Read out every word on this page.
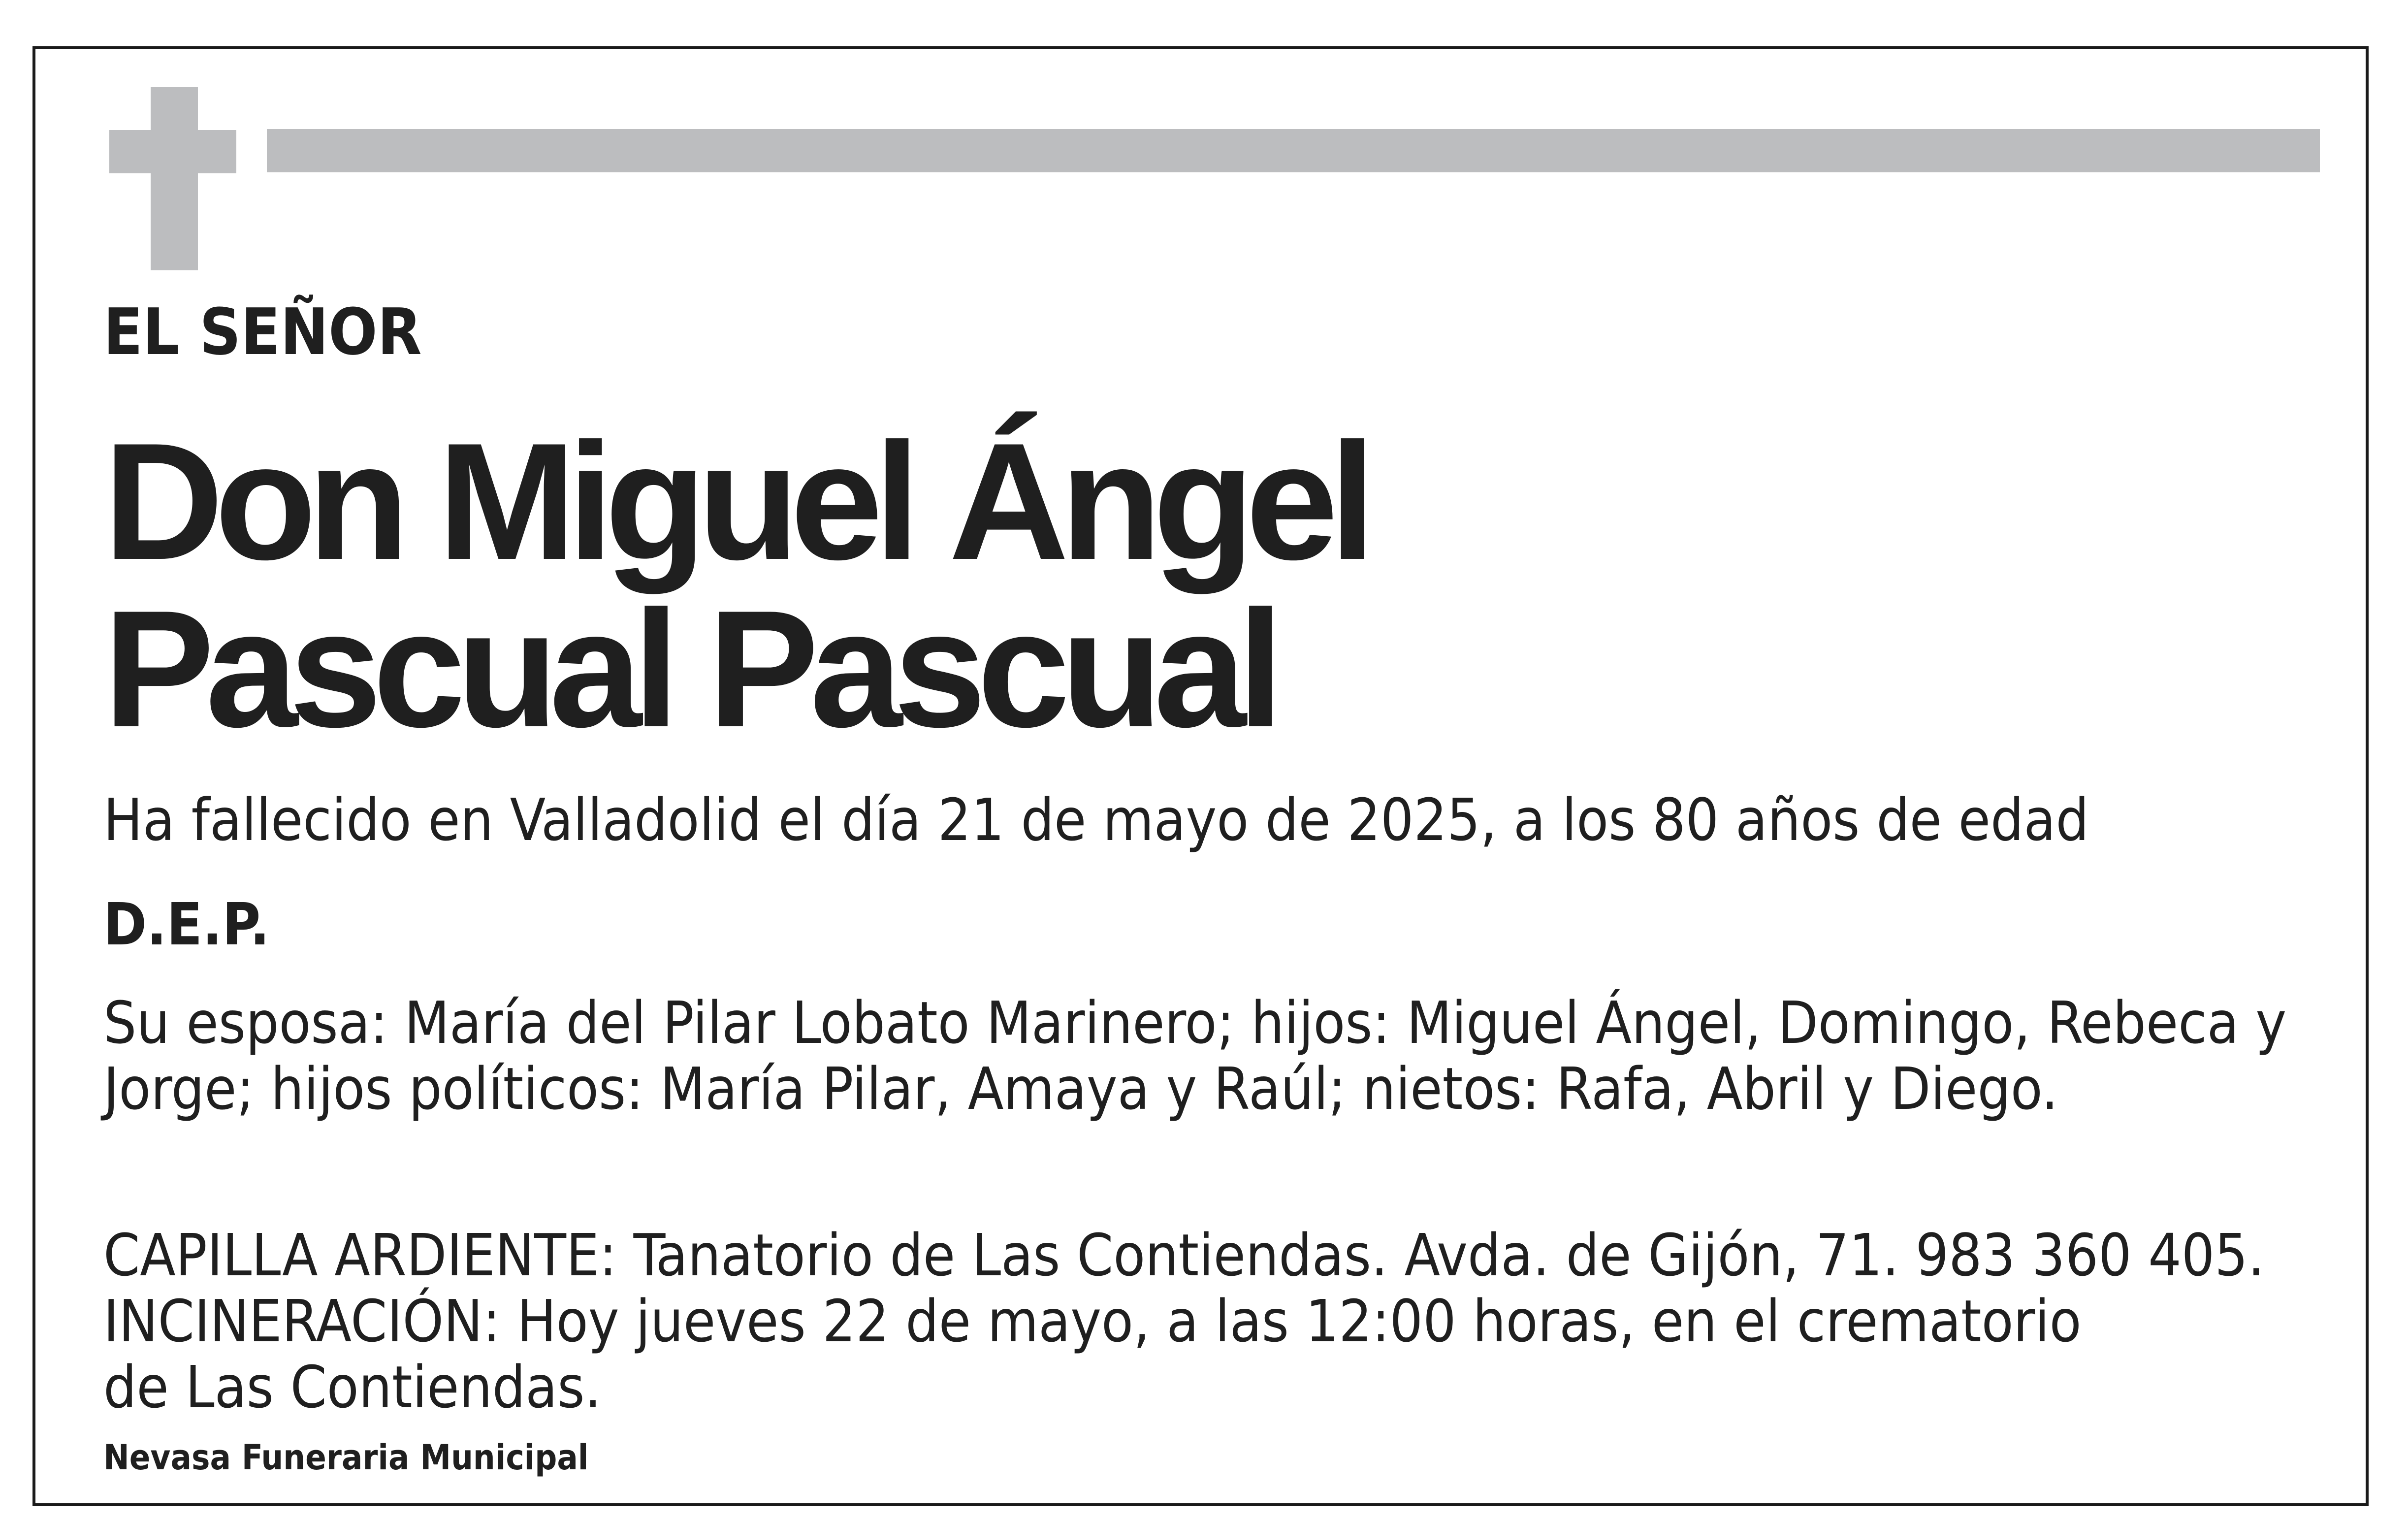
EL SEÑOR

Don Miguel Ángel
Pascual Pascual

Ha fallecido en Valladolid el día 21 de mayo de 2025, a los 80 años de edad

D.E.P.

Su esposa: María del Pilar Lobato Marinero; hijos: Miguel Ángel, Domingo, Rebeca y
Jorge; hijos políticos: María Pilar, Amaya y Raúl; nietos: Rafa, Abril y Diego.

CAPILLA ARDIENTE: Tanatorio de Las Contiendas. Avda. de Gijón, 71. 983 360 405.
INCINERACIÓN: Hoy jueves 22 de mayo, a las 12:00 horas, en el crematorio
de Las Contiendas.

Nevasa Funeraria Municipal
